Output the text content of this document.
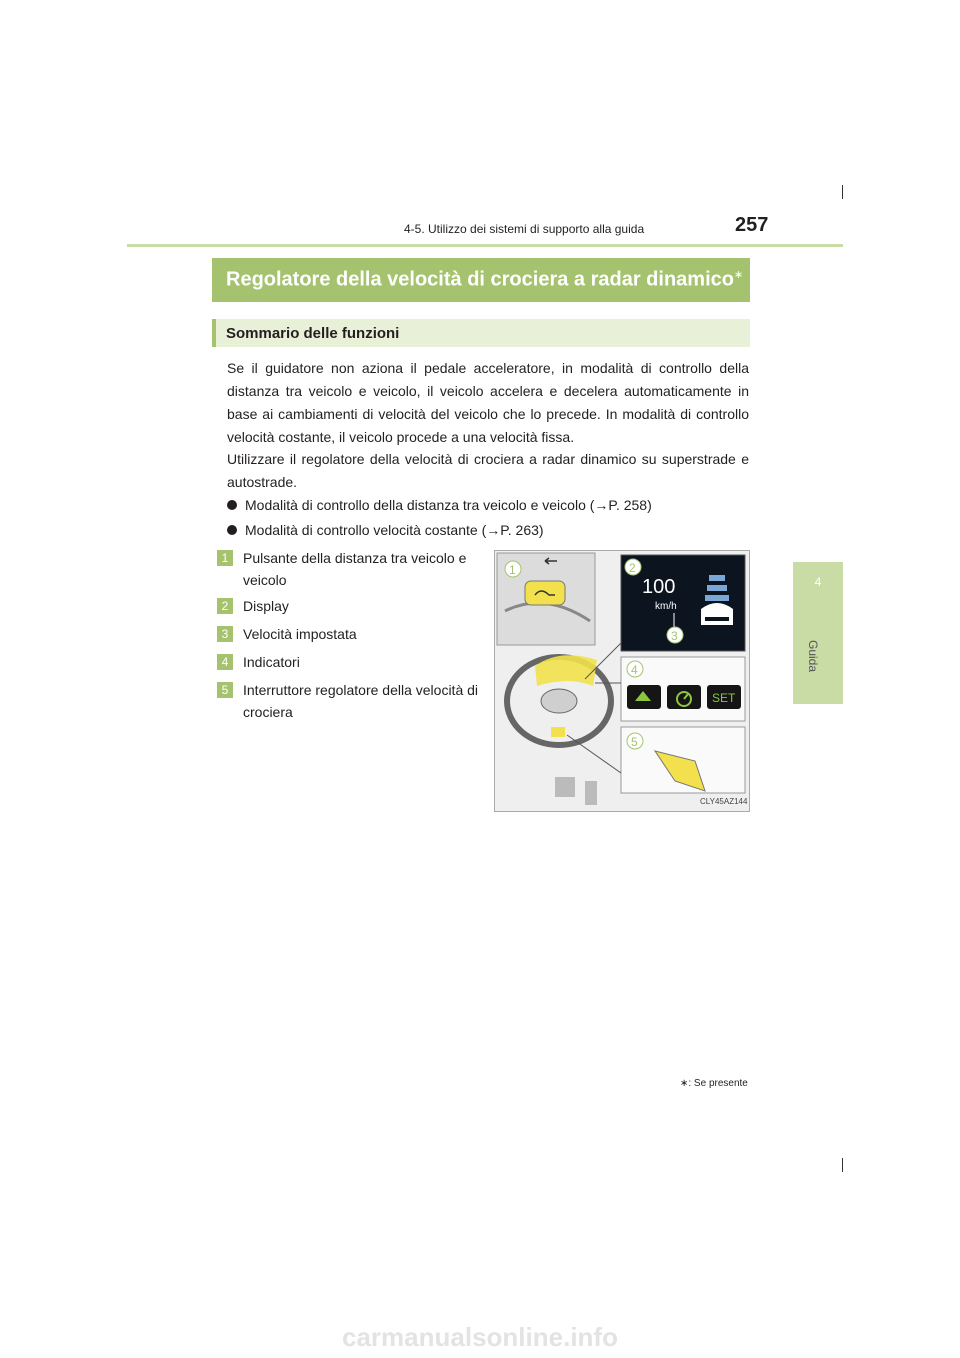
4-5. Utilizzo dei sistemi di supporto alla guida	257
4
Guida
Regolatore della velocità di crociera a radar dinamico∗
Sommario delle funzioni
Se il guidatore non aziona il pedale acceleratore, in modalità di controllo della distanza tra veicolo e veicolo, il veicolo accelera e decelera automaticamente in base ai cambiamenti di velocità del veicolo che lo precede. In modalità di controllo velocità costante, il veicolo procede a una velocità fissa.
Utilizzare il regolatore della velocità di crociera a radar dinamico su superstrade e autostrade.
Modalità di controllo della distanza tra veicolo e veicolo (→P. 258)
Modalità di controllo velocità costante (→P. 263)
1	Pulsante della distanza tra veicolo e veicolo
2	Display
3	Velocità impostata
4	Indicatori
5	Interruttore regolatore della velocità di crociera
100
km/h
SET
1	2
3
4
5
CLY45AZ144
∗: Se presente
carmanualsonline.info
